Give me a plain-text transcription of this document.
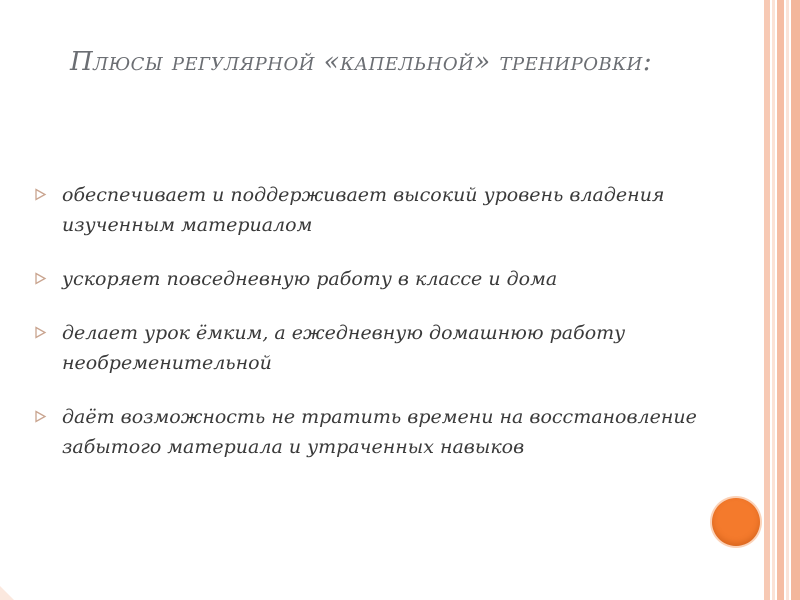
Плюсы регулярной «капельной» тренировки:
обеспечивает и поддерживает высокий уровень владения изученным материалом
ускоряет повседневную работу в классе и дома
делает урок ёмким, а ежедневную домашнюю работу необременительной
даёт возможность не тратить времени на восстановление забытого материала и утраченных навыков
